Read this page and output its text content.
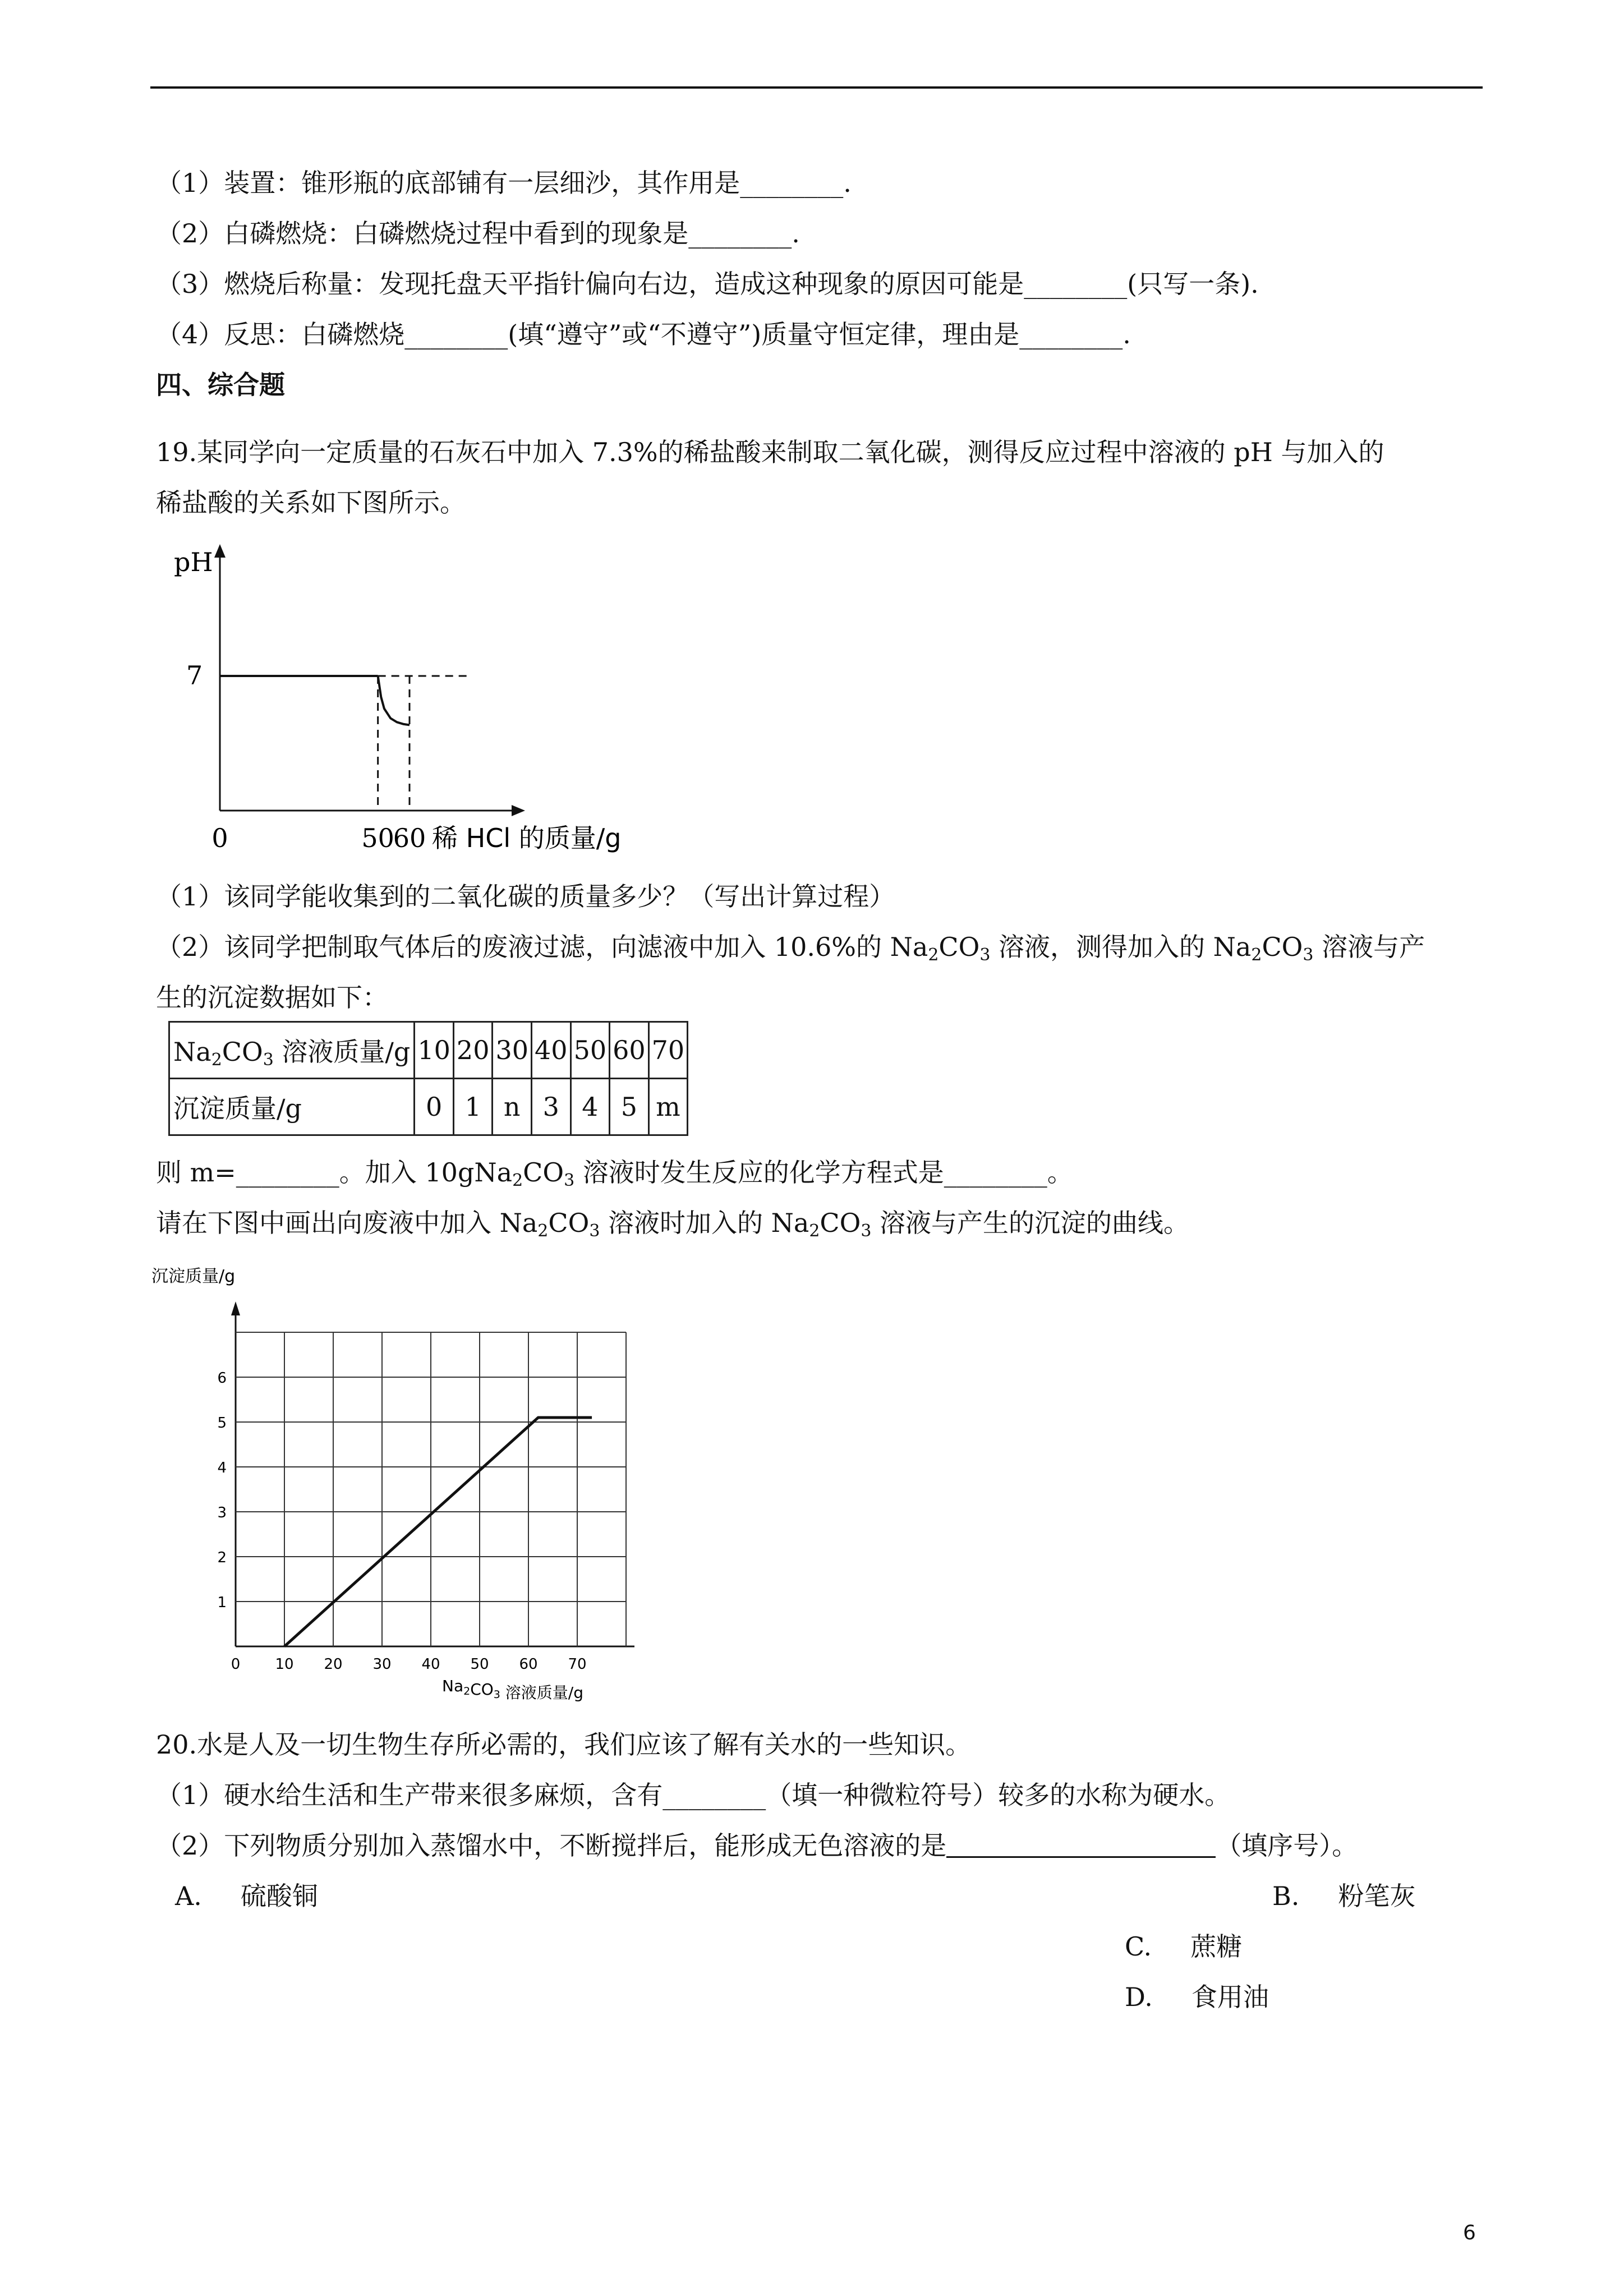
（1）装置：锥形瓶的底部铺有一层细沙，其作用是________.
（2）白磷燃烧：白磷燃烧过程中看到的现象是________.
（3）燃烧后称量：发现托盘天平指针偏向右边，造成这种现象的原因可能是________(只写一条).
（4）反思：白磷燃烧________(填“遵守”或“不遵守”)质量守恒定律，理由是________.
四、综合题
19.某同学向一定质量的石灰石中加入 7.3%的稀盐酸来制取二氧化碳，测得反应过程中溶液的 pH 与加入的
稀盐酸的关系如下图所示。
pH
7
0	50
60 稀 HCl 的质量/g
（1）该同学能收集到的二氧化碳的质量多少？（写出计算过程）
（2）该同学把制取气体后的废液过滤，向滤液中加入 10.6%的 $Na_2CO_3$ 溶液，测得加入的 $Na_2CO_3$ 溶液与产
生的沉淀数据如下：
$Na_2CO_3$ 溶液质量/g	10	20	30	40	50	60	70
沉淀质量/g	0	1	n	3	4	5	m
则 m=________。加入 $10gNa_2CO_3$ 溶液时发生反应的化学方程式是________。
请在下图中画出向废液中加入 $Na_2CO_3$ 溶液时加入的 $Na_2CO_3$ 溶液与产生的沉淀的曲线。
沉淀质量/g
1
2
3
4
5
6
0 10 20 30 40 50 60 70
$Na_2CO_3$ 溶液质量/g
20.水是人及一切生物生存所必需的，我们应该了解有关水的一些知识。
（1）硬水给生活和生产带来很多麻烦，含有________（填一种微粒符号）较多的水称为硬水。
（2）下列物质分别加入蒸馏水中，不断搅拌后，能形成无色溶液的是	（填序号）。
A.   硫酸铜	B.   粉笔灰
C.   蔗糖
D.   食用油
6
